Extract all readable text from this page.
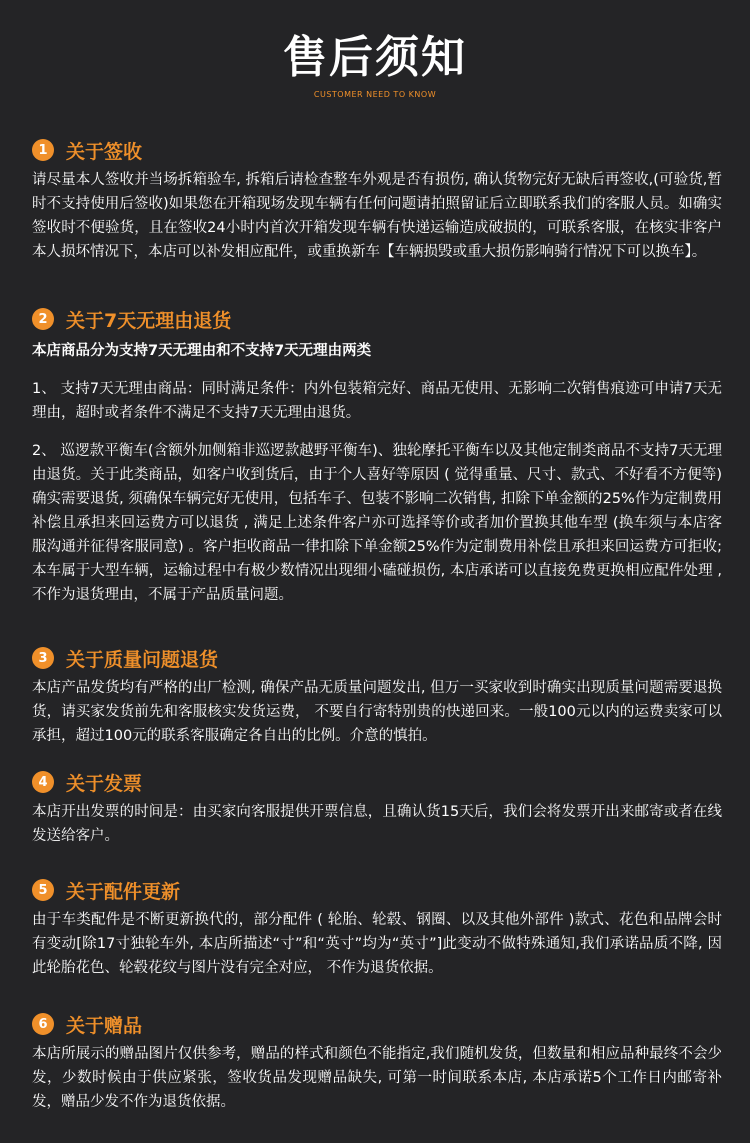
售后须知
CUSTOMER NEED TO KNOW
1 关于签收

请尽量本人签收并当场拆箱验车, 拆箱后请检查整车外观是否有损伤, 确认货物完好无缺后再签收,(可验货,暂时不支持使用后签收)如果您在开箱现场发现车辆有任何问题请拍照留证后立即联系我们的客服人员。如确实签收时不便验货，且在签收24小时内首次开箱发现车辆有快递运输造成破损的，可联系客服，在核实非客户本人损坏情况下，本店可以补发相应配件，或重换新车【车辆损毁或重大损伤影响骑行情况下可以换车】。

2 关于7天无理由退货

本店商品分为支持7天无理由和不支持7天无理由两类

1、 支持7天无理由商品：同时满足条件：内外包装箱完好、商品无使用、无影响二次销售痕迹可申请7天无理由，超时或者条件不满足不支持7天无理由退货。

2、 巡逻款平衡车(含额外加侧箱非巡逻款越野平衡车)、独轮摩托平衡车以及其他定制类商品不支持7天无理由退货。关于此类商品，如客户收到货后，由于个人喜好等原因 ( 觉得重量、尺寸、款式、不好看不方便等) 确实需要退货, 须确保车辆完好无使用，包括车子、包装不影响二次销售, 扣除下单金额的25%作为定制费用补偿且承担来回运费方可以退货 , 满足上述条件客户亦可选择等价或者加价置换其他车型 (换车须与本店客服沟通并征得客服同意) 。客户拒收商品一律扣除下单金额25%作为定制费用补偿且承担来回运费方可拒收; 本车属于大型车辆，运输过程中有极少数情况出现细小磕碰损伤, 本店承诺可以直接免费更换相应配件处理 , 不作为退货理由，不属于产品质量问题。

3 关于质量问题退货

本店产品发货均有严格的出厂检测, 确保产品无质量问题发出, 但万一买家收到时确实出现质量问题需要退换货，请买家发货前先和客服核实发货运费， 不要自行寄特别贵的快递回来。一般100元以内的运费卖家可以承担，超过100元的联系客服确定各自出的比例。介意的慎拍。

4 关于发票

本店开出发票的时间是：由买家向客服提供开票信息，且确认货15天后，我们会将发票开出来邮寄或者在线发送给客户。

5 关于配件更新

由于车类配件是不断更新换代的，部分配件 ( 轮胎、轮毂、钢圈、以及其他外部件 )款式、花色和品牌会时有变动[除17寸独轮车外, 本店所描述“寸”和“英寸”均为“英寸”]此变动不做特殊通知,我们承诺品质不降, 因此轮胎花色、轮毂花纹与图片没有完全对应， 不作为退货依据。

6 关于赠品

本店所展示的赠品图片仅供参考，赠品的样式和颜色不能指定,我们随机发货，但数量和相应品种最终不会少发，少数时候由于供应紧张，签收货品发现赠品缺失, 可第一时间联系本店, 本店承诺5个工作日内邮寄补发，赠品少发不作为退货依据。
